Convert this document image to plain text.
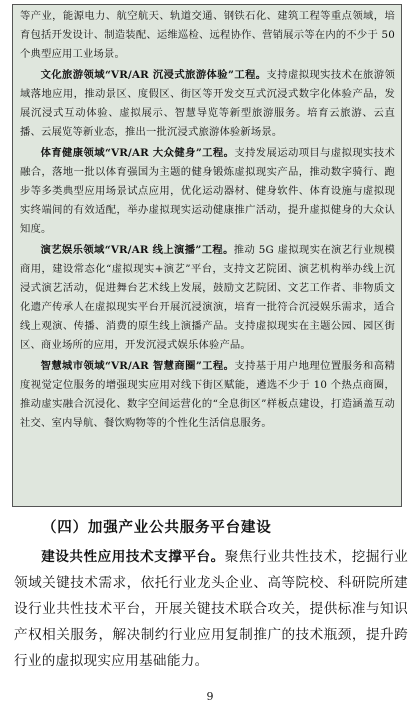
等产业，能源电力、航空航天、轨道交通、钢铁石化、建筑工程等重点领域，培育包括开发设计、制造装配、运维巡检、远程协作、营销展示等在内的不少于 50 个典型应用工业场景。

文化旅游领域“VR/AR 沉浸式旅游体验”工程。支持虚拟现实技术在旅游领域落地应用，推动景区、度假区、街区等开发交互式沉浸式数字化体验产品，发展沉浸式互动体验、虚拟展示、智慧导览等新型旅游服务。培育云旅游、云直播、云展览等新业态，推出一批沉浸式旅游体验新场景。

体育健康领域“VR/AR 大众健身”工程。支持发展运动项目与虚拟现实技术融合，落地一批以体育强国为主题的健身锻炼虚拟现实产品，推动数字骑行、跑步等多类典型应用场景试点应用，优化运动器材、健身软件、体育设施与虚拟现实终端间的有效适配，举办虚拟现实运动健康推广活动，提升虚拟健身的大众认知度。

演艺娱乐领域“VR/AR 线上演播”工程。推动 5G 虚拟现实在演艺行业规模商用，建设常态化“虚拟现实+演艺”平台，支持文艺院团、演艺机构举办线上沉浸式演艺活动，促进舞台艺术线上发展，鼓励文艺院团、文艺工作者、非物质文化遗产传承人在虚拟现实平台开展沉浸演演，培育一批符合沉浸娱乐需求，适合线上观演、传播、消费的原生线上演播产品。支持虚拟现实在主题公园、园区街区、商业场所的应用，开发沉浸式娱乐体验产品。

智慧城市领域“VR/AR 智慧商圈”工程。支持基于用户地理位置服务和高精度视觉定位服务的增强现实应用对线下街区赋能，遴选不少于 10 个热点商圈，推动虚实融合沉浸化、数字空间运营化的“全息街区”样板点建设，打造涵盖互动社交、室内导航、餐饮购物等的个性化生活信息服务。

（四）加强产业公共服务平台建设

建设共性应用技术支撑平台。聚焦行业共性技术，挖掘行业领域关键技术需求，依托行业龙头企业、高等院校、科研院所建设行业共性技术平台，开展关键技术联合攻关，提供标准与知识产权相关服务，解决制约行业应用复制推广的技术瓶颈，提升跨行业的虚拟现实应用基础能力。

9
